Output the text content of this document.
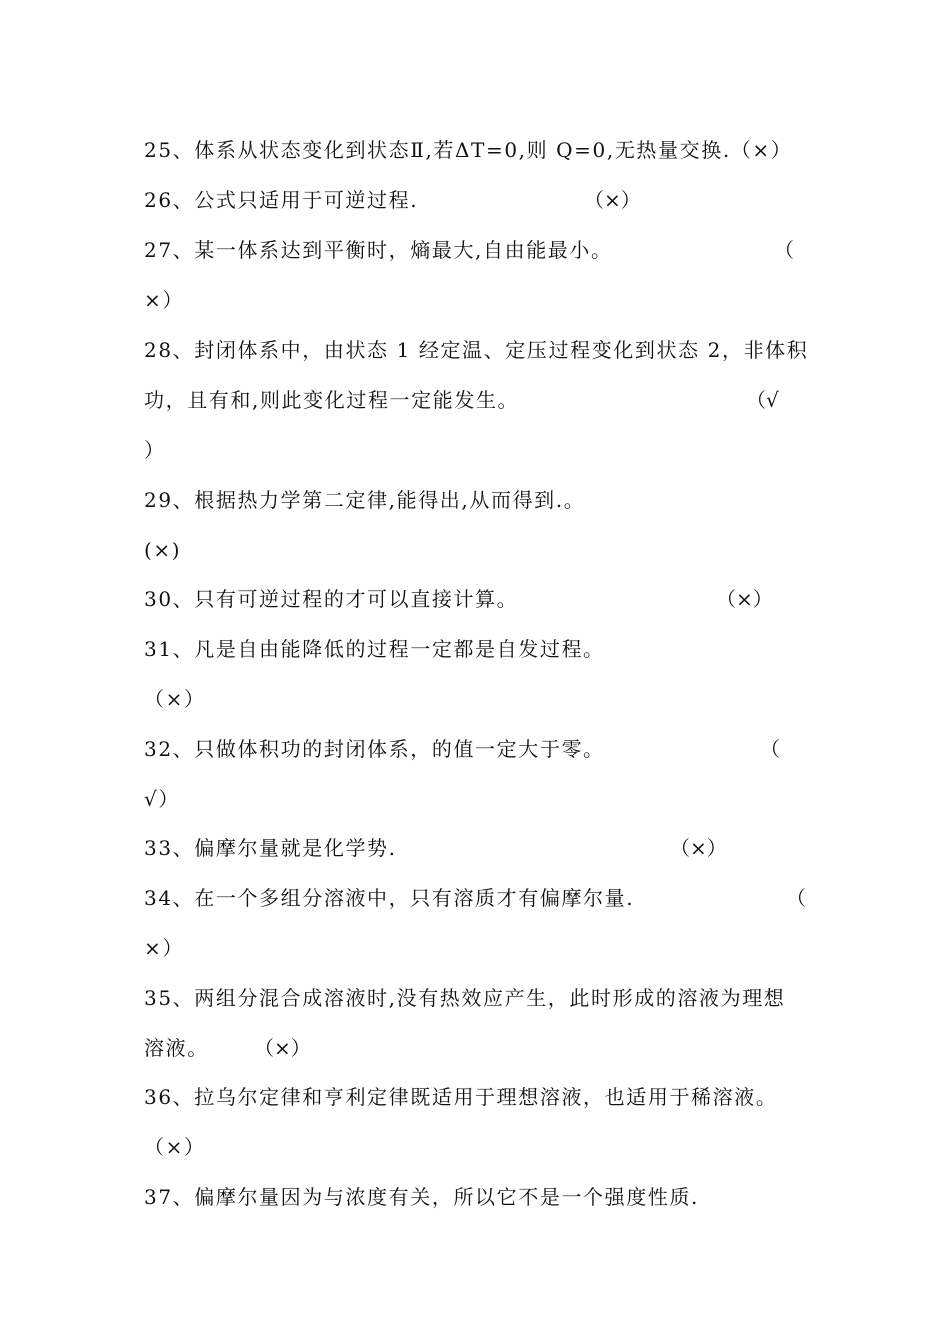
25、体系从状态变化到状态Ⅱ,若ΔT=0,则 Q=0,无热量交换.（×）
26、公式只适用于可逆过程.	（×）
27、某一体系达到平衡时，熵最大,自由能最小。	（
×）
28、封闭体系中，由状态 1 经定温、定压过程变化到状态 2，非体积
功，且有和,则此变化过程一定能发生。	（√
）
29、根据热力学第二定律,能得出,从而得到.。
(×)
30、只有可逆过程的才可以直接计算。	（×）
31、凡是自由能降低的过程一定都是自发过程。
（×）
32、只做体积功的封闭体系，的值一定大于零。	（
√）
33、偏摩尔量就是化学势.	（×）
34、在一个多组分溶液中，只有溶质才有偏摩尔量.	（
×）
35、两组分混合成溶液时,没有热效应产生，此时形成的溶液为理想
溶液。 （×）
36、拉乌尔定律和亨利定律既适用于理想溶液，也适用于稀溶液。
（×）
37、偏摩尔量因为与浓度有关，所以它不是一个强度性质.
